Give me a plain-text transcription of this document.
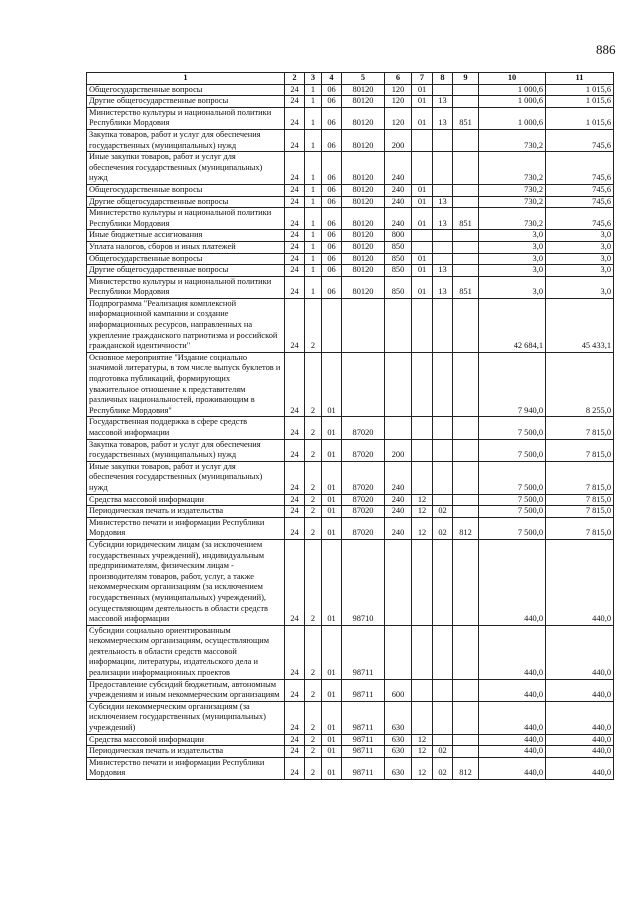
886
1	2	3	4	5	6	7	8	9	10	11
Общегосударственные вопросы	24	1	06	80120	120	01			1 000,6	1 015,6
Другие общегосударственные вопросы	24	1	06	80120	120	01	13		1 000,6	1 015,6
Министерство культуры и национальной политики Республики Мордовия	24	1	06	80120	120	01	13	851	1 000,6	1 015,6
Закупка товаров, работ и услуг для обеспечения государственных (муниципальных) нужд	24	1	06	80120	200				730,2	745,6
Иные закупки товаров, работ и услуг для обеспечения государственных (муниципальных) нужд	24	1	06	80120	240				730,2	745,6
Общегосударственные вопросы	24	1	06	80120	240	01			730,2	745,6
Другие общегосударственные вопросы	24	1	06	80120	240	01	13		730,2	745,6
Министерство культуры и национальной политики Республики Мордовия	24	1	06	80120	240	01	13	851	730,2	745,6
Иные бюджетные ассигнования	24	1	06	80120	800				3,0	3,0
Уплата налогов, сборов и иных платежей	24	1	06	80120	850				3,0	3,0
Общегосударственные вопросы	24	1	06	80120	850	01			3,0	3,0
Другие общегосударственные вопросы	24	1	06	80120	850	01	13		3,0	3,0
Министерство культуры и национальной политики Республики Мордовия	24	1	06	80120	850	01	13	851	3,0	3,0
Подпрограмма "Реализация комплексной информационной кампании и создание информационных ресурсов, направленных на укрепление гражданского патриотизма и российской гражданской идентичности"	24	2							42 684,1	45 433,1
Основное мероприятие "Издание социально значимой литературы, в том числе выпуск буклетов и подготовка публикаций, формирующих уважительное отношение к представителям различных национальностей, проживающим в Республике Мордовия"	24	2	01						7 940,0	8 255,0
Государственная поддержка в сфере средств массовой информации	24	2	01	87020					7 500,0	7 815,0
Закупка товаров, работ и услуг для обеспечения государственных (муниципальных) нужд	24	2	01	87020	200				7 500,0	7 815,0
Иные закупки товаров, работ и услуг для обеспечения государственных (муниципальных) нужд	24	2	01	87020	240				7 500,0	7 815,0
Средства массовой информации	24	2	01	87020	240	12			7 500,0	7 815,0
Периодическая печать и издательства	24	2	01	87020	240	12	02		7 500,0	7 815,0
Министерство печати и информации Республики Мордовия	24	2	01	87020	240	12	02	812	7 500,0	7 815,0
Субсидии юридическим лицам (за исключением государственных учреждений), индивидуальным предпринимателям, физическим лицам - производителям товаров, работ, услуг, а также некоммерческим организациям (за исключением государственных (муниципальных) учреждений), осуществляющим деятельность в области средств массовой информации	24	2	01	98710					440,0	440,0
Субсидии социально ориентированным некоммерческим организациям, осуществляющим деятельность в области средств массовой информации, литературы, издательского дела и реализации информационных проектов	24	2	01	98711					440,0	440,0
Предоставление субсидий бюджетным, автономным учреждениям и иным некоммерческим организациям	24	2	01	98711	600				440,0	440,0
Субсидии некоммерческим организациям (за исключением государственных (муниципальных) учреждений)	24	2	01	98711	630				440,0	440,0
Средства массовой информации	24	2	01	98711	630	12			440,0	440,0
Периодическая печать и издательства	24	2	01	98711	630	12	02		440,0	440,0
Министерство печати и информации Республики Мордовия	24	2	01	98711	630	12	02	812	440,0	440,0
